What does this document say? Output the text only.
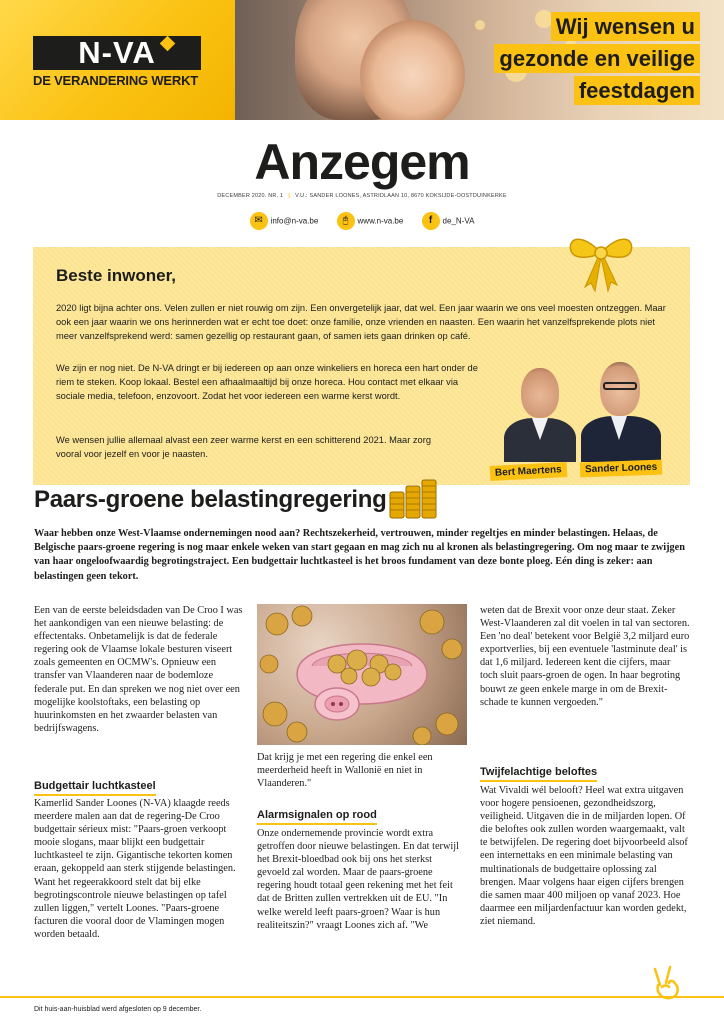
N-VA
DE VERANDERING WERKT
Wij wensen u
gezonde en veilige
feestdagen
Anzegem
DECEMBER 2020. NR. 1 | V.U.: SANDER LOONES, ASTRIDLAAN 10, 8670 KOKSIJDE-OOSTDUINKERKE
✉ info@n-va.be 🖰 www.n-va.be	f de_N-VA
Beste inwoner,

2020 ligt bijna achter ons. Velen zullen er niet rouwig om zijn. Een onvergetelijk jaar, dat wel. Een jaar waarin we ons veel moesten ontzeggen. Maar ook een jaar waarin we ons herinnerden wat er echt toe doet: onze familie, onze vrienden en naasten. Een waarin het vanzelfsprekende plots niet meer vanzelfsprekend werd: samen gezellig op restaurant gaan, of samen iets gaan drinken op café.

We zijn er nog niet. De N-VA dringt er bij iedereen op aan onze winkeliers en horeca een hart onder de riem te steken. Koop lokaal. Bestel een afhaalmaaltijd bij onze horeca. Hou contact met elkaar via sociale media, telefoon, enzovoort. Zodat het voor iedereen een warme kerst wordt.

We wensen jullie allemaal alvast een zeer warme kerst en een schitterend 2021. Maar zorg vooral voor jezelf en voor je naasten.

Bert Maertens	Sander Loones
Paars-groene belastingregering

Waar hebben onze West-Vlaamse ondernemingen nood aan? Rechtszekerheid, vertrouwen, minder regeltjes en minder belastingen. Helaas, de Belgische paars-groene regering is nog maar enkele weken van start gegaan en mag zich nu al kronen als belastingregering. Om nog maar te zwijgen van haar ongeloofwaardig begrotingstraject. Een budgettair luchtkasteel is het broos fundament van deze bonte ploeg. Eén ding is zeker: aan belastingen geen tekort.

Een van de eerste beleidsdaden van De Croo I was het aankondigen van een nieuwe belasting: de effectentaks. Onbetamelijk is dat de federale regering ook de Vlaamse lokale besturen viseert zoals gemeenten en OCMW's. Opnieuw een transfer van Vlaanderen naar de bodemloze federale put. En dan spreken we nog niet over een mogelijke koolstoftaks, een belasting op huurinkomsten en het zwaarder belasten van bedrijfswagens.

Budgettair luchtkasteel

Kamerlid Sander Loones (N-VA) klaagde reeds meerdere malen aan dat de regering-De Croo budgettair sérieux mist: "Paars-groen verkoopt mooie slogans, maar blijkt een budgettair luchtkasteel te zijn. Gigantische tekorten komen eraan, gekoppeld aan sterk stijgende belastingen. Want het regeerakkoord stelt dat bij elke begrotingscontrole nieuwe belastingen op tafel zullen liggen," vertelt Loones. "Paars-groene facturen die vooral door de Vlamingen mogen worden betaald.

Dat krijg je met een regering die enkel een meerderheid heeft in Wallonië en niet in Vlaanderen."

Alarmsignalen op rood

Onze ondernemende provincie wordt extra getroffen door nieuwe belastingen. En dat terwijl het Brexit-bloedbad ook bij ons het sterkst gevoeld zal worden. Maar de paars-groene regering houdt totaal geen rekening met het feit dat de Britten zullen vertrekken uit de EU. "In welke wereld leeft paars-groen? Waar is hun realiteitszin?" vraagt Loones zich af. "We

weten dat de Brexit voor onze deur staat. Zeker West-Vlaanderen zal dit voelen in tal van sectoren. Een 'no deal' betekent voor België 3,2 miljard euro exportverlies, bij een eventuele 'lastminute deal' is dat 1,6 miljard. Iedereen kent die cijfers, maar toch sluit paars-groen de ogen. In haar begroting bouwt ze geen enkele marge in om de Brexit-schade te kunnen vergoeden."

Twijfelachtige beloftes

Wat Vivaldi wél belooft? Heel wat extra uitgaven voor hogere pensioenen, gezondheidszorg, veiligheid. Uitgaven die in de miljarden lopen. Of die beloftes ook zullen worden waargemaakt, valt te betwijfelen. De regering doet bijvoorbeeld alsof een internettaks en een minimale belasting van multinationals de budgettaire oplossing zal brengen. Maar volgens haar eigen cijfers brengen die samen maar 400 miljoen op vanaf 2023. Hoe daarmee een miljardenfactuur kan worden gedekt, ziet niemand.

Dit huis-aan-huisblad werd afgesloten op 9 december.
